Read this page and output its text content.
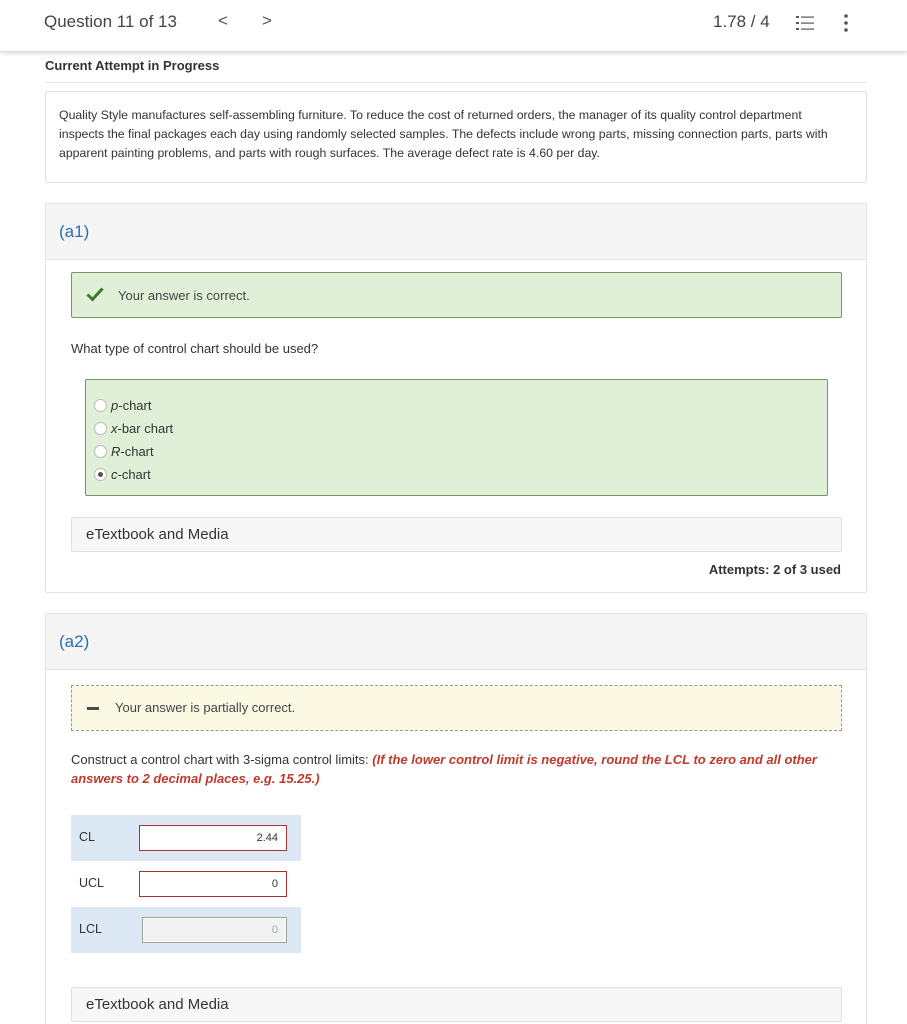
Question 11 of 13 < >	1.78 / 4
Current Attempt in Progress
Quality Style manufactures self-assembling furniture. To reduce the cost of returned orders, the manager of its quality control department inspects the final packages each day using randomly selected samples. The defects include wrong parts, missing connection parts, parts with apparent painting problems, and parts with rough surfaces. The average defect rate is 4.60 per day.
(a1)
Your answer is correct.
What type of control chart should be used?
p-chart
x-bar chart
R-chart
c-chart
eTextbook and Media
Attempts: 2 of 3 used
(a2)
Your answer is partially correct.
Construct a control chart with 3-sigma control limits: (If the lower control limit is negative, round the LCL to zero and all other answers to 2 decimal places, e.g. 15.25.)
CL	2.44
UCL	0
LCL	0
eTextbook and Media
